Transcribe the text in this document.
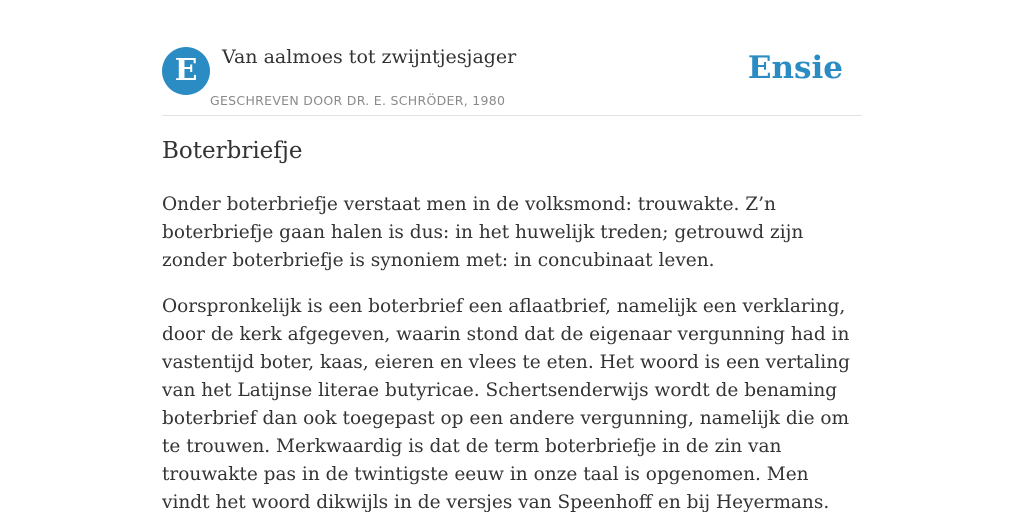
E	Van aalmoes tot zwijntjesjager
GESCHREVEN DOOR DR. E. SCHRÖDER, 1980
Ensie
Boterbriefje

Onder boterbriefje verstaat men in de volksmond: trouwakte. Z’n boterbriefje gaan halen is dus: in het huwelijk treden; getrouwd zijn zonder boterbriefje is synoniem met: in concubinaat leven.

Oorspronkelijk is een boterbrief een aflaatbrief, namelijk een verklaring, door de kerk afgegeven, waarin stond dat de eigenaar vergunning had in vastentijd boter, kaas, eieren en vlees te eten. Het woord is een vertaling van het Latijnse literae butyricae. Schertsenderwijs wordt de benaming boterbrief dan ook toegepast op een andere vergunning, namelijk die om te trouwen. Merkwaardig is dat de term boterbriefje in de zin van trouwakte pas in de twintigste eeuw in onze taal is opgenomen. Men vindt het woord dikwijls in de versjes van Speenhoff en bij Heyermans.
